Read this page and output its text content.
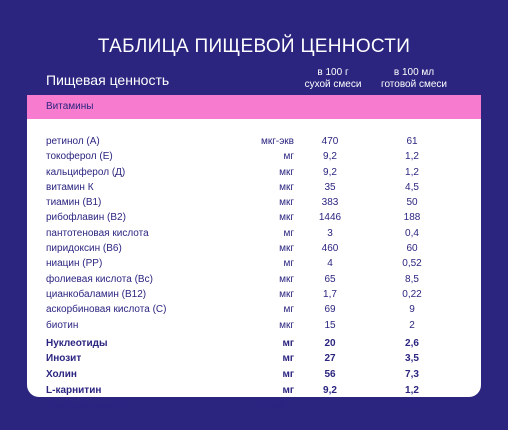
ТАБЛИЦА ПИЩЕВОЙ ЦЕННОСТИ
Пищевая ценность	в 100 г
сухой смеси
в 100 мл
готовой смеси
Витамины
ретинол (А)	мкг-экв	470	61
токоферол (Е)	мг	9,2	1,2
кальциферол (Д)	мкг	9,2	1,2
витамин К	мкг	35	4,5
тиамин (В1)	мкг	383	50
рибофлавин (В2)	мкг	1446	188
пантотеновая кислота	мг	3	0,4
пиридоксин (В6)	мкг	460	60
ниацин (РР)	мг	4	0,52
фолиевая кислота (Вс)	мкг	65	8,5
цианкобаламин (В12)	мкг	1,7	0,22
аскорбиновая кислота (С)	мг	69	9
биотин	мкг	15	2
Нуклеотиды	мг	20	2,6
Инозит	мг	27	3,5
Холин	мг	56	7,3
L-карнитин	мг	9,2	1,2
Осмоляльность	мОсм/кг	250
